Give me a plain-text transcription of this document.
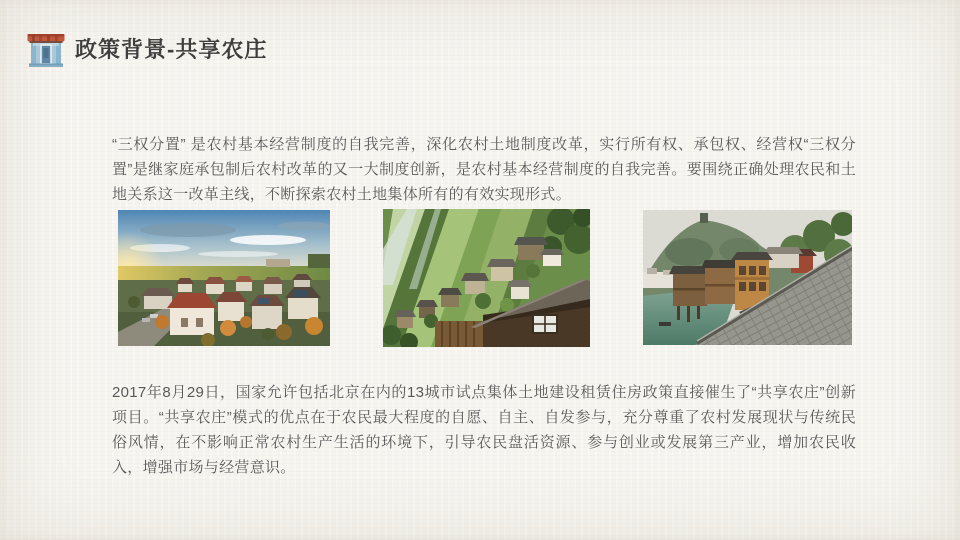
政策背景-共享农庄

“三权分置” 是农村基本经营制度的自我完善，深化农村土地制度改革，实行所有权、承包权、经营权“三权分置”是继家庭承包制后农村改革的又一大制度创新，是农村基本经营制度的自我完善。要围绕正确处理农民和土地关系这一改革主线，不断探索农村土地集体所有的有效实现形式。

2017年8月29日，国家允许包括北京在内的13城市试点集体土地建设租赁住房政策直接催生了“共享农庄”创新项目。“共享农庄”模式的优点在于农民最大程度的自愿、自主、自发参与，充分尊重了农村发展现状与传统民俗风情，在不影响正常农村生产生活的环境下，引导农民盘活资源、参与创业或发展第三产业，增加农民收入，增强市场与经营意识。
